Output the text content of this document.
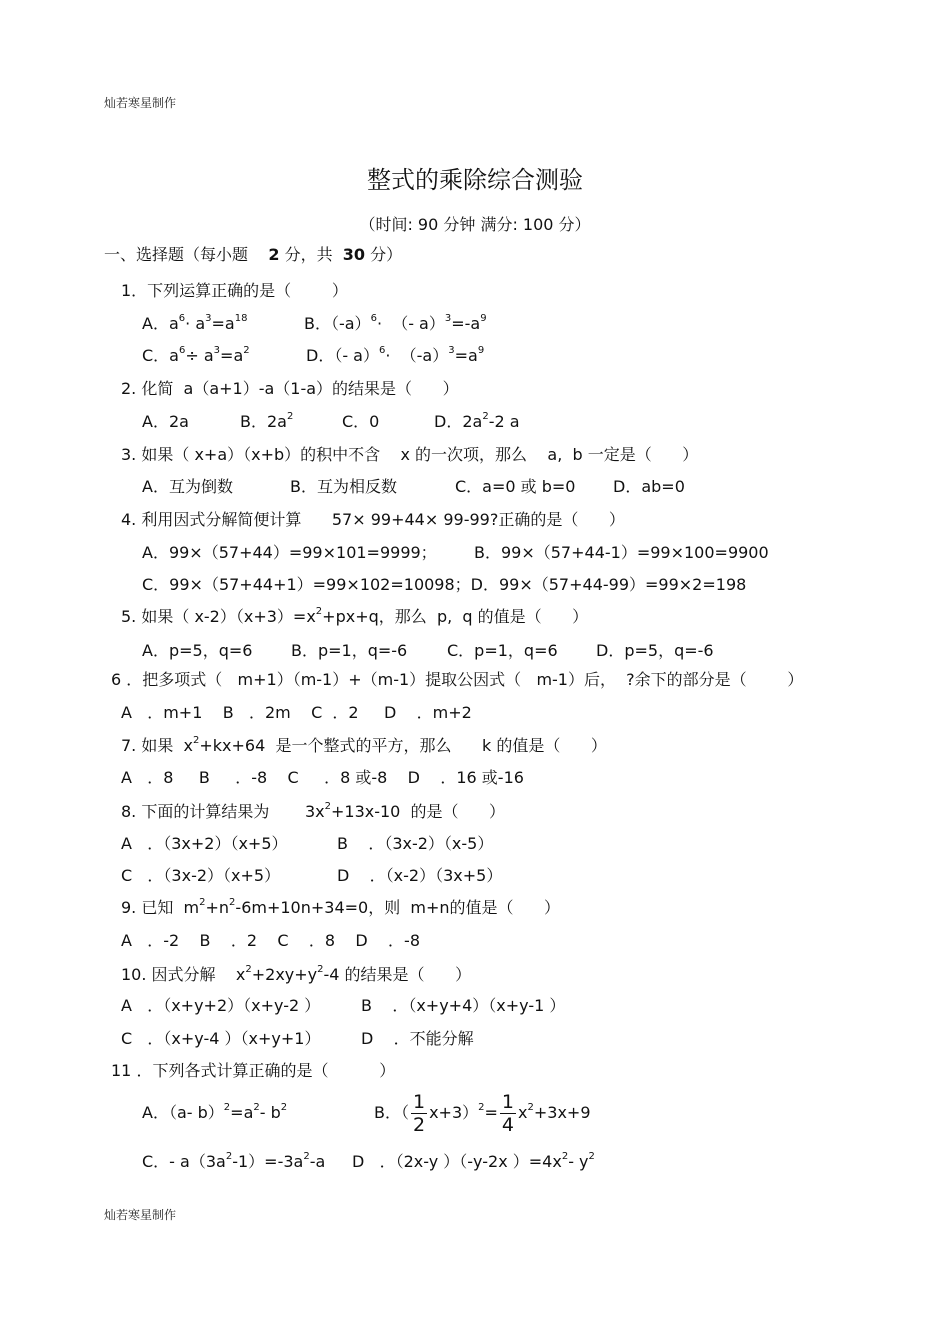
灿若寒星制作
整式的乘除综合测验
（时间: 90 分钟 满分: 100 分）
一、选择题（每小题    2 分，共  30 分）
1．下列运算正确的是（        ）
A．$a^6\cdot a^3=a^{18}$	B．$(-a)^6\cdot$  （- $a)^3=-a^9$
C．$a^6\div a^3=a^2$	D．（- $a)^6\cdot (-a)^3=a^9$
2. 化简  a（a+1）-a（1-a）的结果是（      ）
A．2a	B．$2a^2$	C．0	D．$2a^2-2$ a
3. 如果（ x+a）（x+b）的积中不含    x 的一次项，那么    a,  b 一定是（      ）
A．互为倒数	B．互为相反数	C．a=0 或 b=0 D．ab=0
4. 利用因式分解简便计算      57× 99+44× 99-99?正确的是（      ）
A．99×（57+44）=99×101=9999； B．99×（57+44-1）=99×100=9900
C．99×（57+44+1）=99×102=10098；D．99×（57+44-99）=99×2=198
5. 如果（ $x-2)(x+3)=x^2+px+q$，那么  p,  q 的值是（      ）
A．p=5，q=6 B．p=1，q=-6 C．p=1，q=6 D．p=5，q=-6
6 ．把多项式（   m+1）（m-1）+（m-1）提取公因式（   m-1）后，  ?余下的部分是（        ）
A   ．m+1    B   ．2m    C  ．2     D    ．m+2
7. 如果  $x^2+kx+64$  是一个整式的平方，那么      k 的值是（      ）
A   ．8     B     ．-8    C     ．8 或-8    D    ．16 或-16
8. 下面的计算结果为       $3x^2+13x-10$  的是（      ）
A   ．（3x+2）（x+5）	B    ．（3x-2）（x-5）
C   ．（3x-2）（x+5）	D    ．（x-2）（3x+5）
9. 已知  $m^2+n^2-6m+10n+34=0$，则  m+n的值是（      ）
A   ．-2    B    ．2    C    ．8    D    ．-8
10. 因式分解    $x^2+2xy+y^2-4$ 的结果是（      ）
A   ．（x+y+2）（x+y-2 ）	B    ．（x+y+4）（x+y-1 ）
C   ．（x+y-4 ）（x+y+1）	D    ．不能分解
11 ．下列各式计算正确的是（          ）
A．（a- $b)^2=a^2-$ $b^2$	B．（ $\frac{1}{2} x+3)^2= \frac{1}{4} x^2+3x+9$
C．- $a(3a^2-1)=-3a^2-a$ D   ．（2x-y ）（-y-2x ）$=4x^2-$ $y^2$
灿若寒星制作
